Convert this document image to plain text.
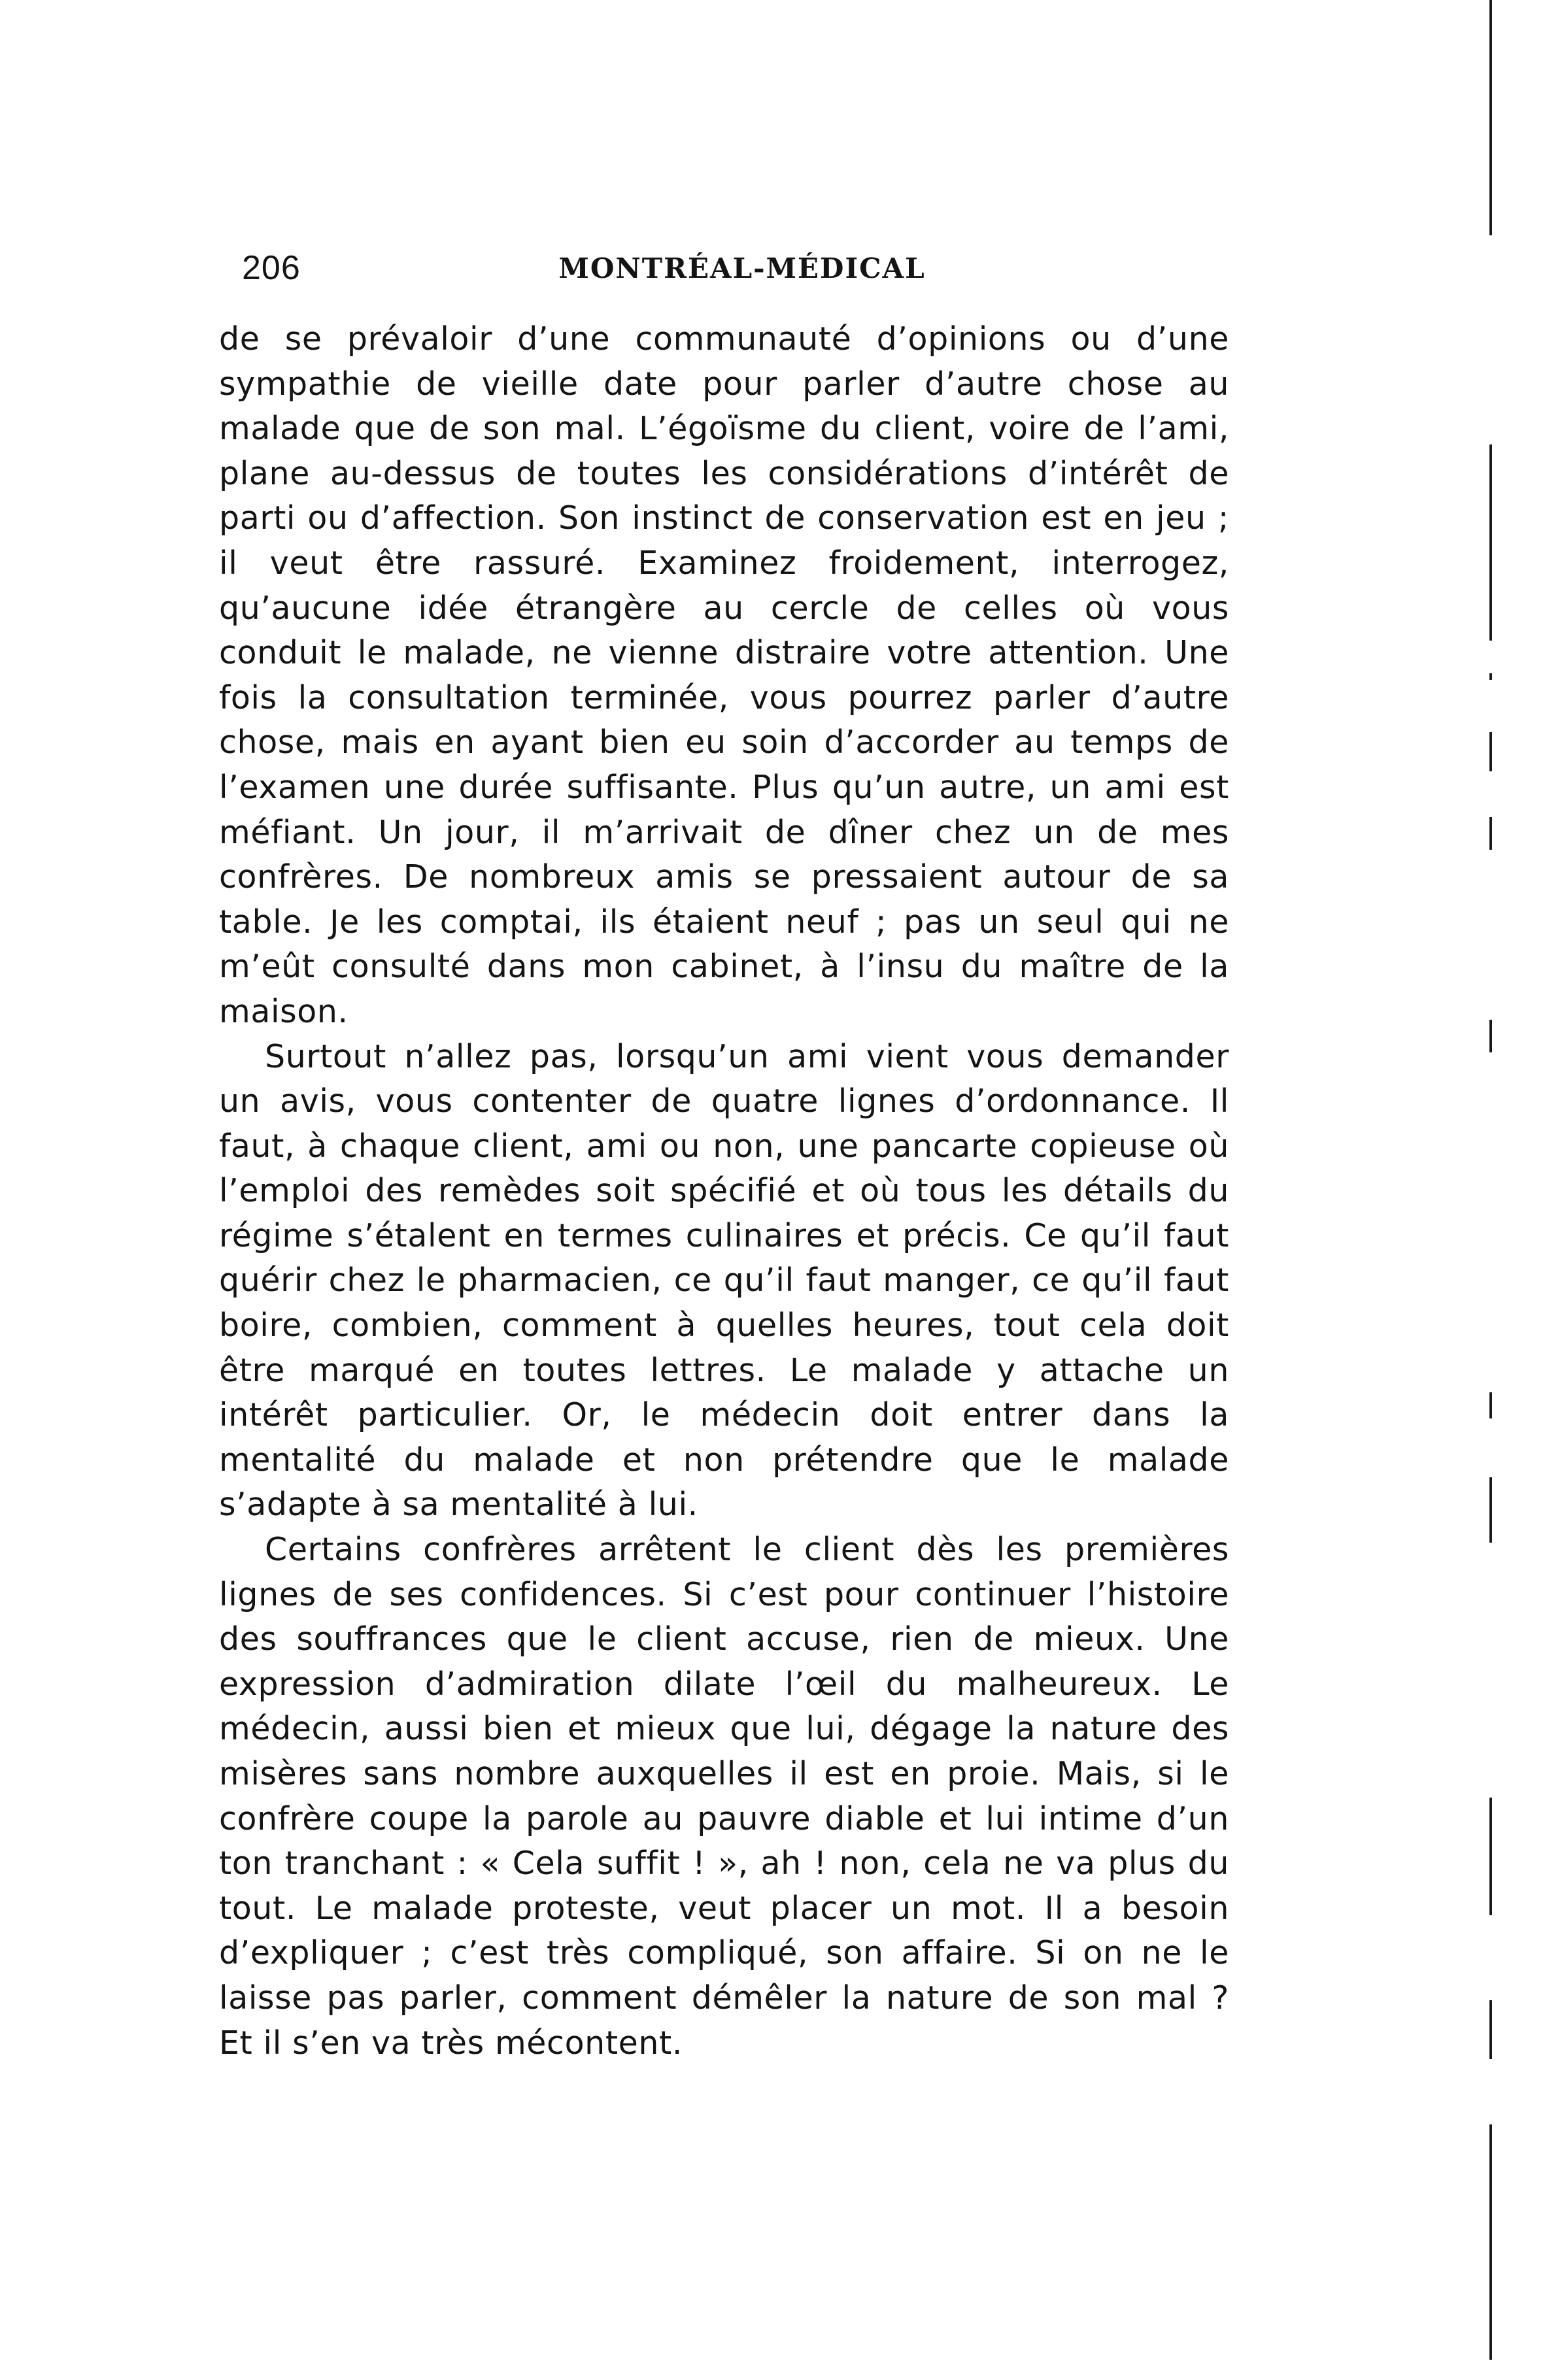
206	MONTRÉAL-MÉDICAL

de se prévaloir d’une communauté d’opinions ou d’une sympathie de vieille date pour parler d’autre chose au malade que de son mal. L’égoïsme du client, voire de l’ami, plane au-dessus de toutes les considérations d’intérêt de parti ou d’affection. Son instinct de conservation est en jeu ; il veut être rassuré. Examinez froidement, interrogez, qu’aucune idée étrangère au cercle de celles où vous conduit le malade, ne vienne distraire votre attention. Une fois la consultation terminée, vous pourrez parler d’autre chose, mais en ayant bien eu soin d’accorder au temps de l’examen une durée suffisante. Plus qu’un autre, un ami est méfiant. Un jour, il m’arrivait de dîner chez un de mes confrères. De nombreux amis se pressaient autour de sa table. Je les comptai, ils étaient neuf ; pas un seul qui ne m’eût consulté dans mon cabinet, à l’insu du maître de la maison.

Surtout n’allez pas, lorsqu’un ami vient vous demander un avis, vous contenter de quatre lignes d’ordonnance. Il faut, à chaque client, ami ou non, une pancarte copieuse où l’emploi des remèdes soit spécifié et où tous les détails du régime s’étalent en termes culinaires et précis. Ce qu’il faut quérir chez le pharmacien, ce qu’il faut manger, ce qu’il faut boire, combien, comment à quelles heures, tout cela doit être marqué en toutes lettres. Le malade y attache un intérêt particulier. Or, le médecin doit entrer dans la mentalité du malade et non prétendre que le malade s’adapte à sa mentalité à lui.

Certains confrères arrêtent le client dès les premières lignes de ses confidences. Si c’est pour continuer l’histoire des souffrances que le client accuse, rien de mieux. Une expression d’admiration dilate l’œil du malheureux. Le médecin, aussi bien et mieux que lui, dégage la nature des misères sans nombre auxquelles il est en proie. Mais, si le confrère coupe la parole au pauvre diable et lui intime d’un ton tranchant : « Cela suffit ! », ah ! non, cela ne va plus du tout. Le malade proteste, veut placer un mot. Il a besoin d’expliquer ; c’est très compliqué, son affaire. Si on ne le laisse pas parler, comment démêler la nature de son mal ? Et il s’en va très mécontent.
